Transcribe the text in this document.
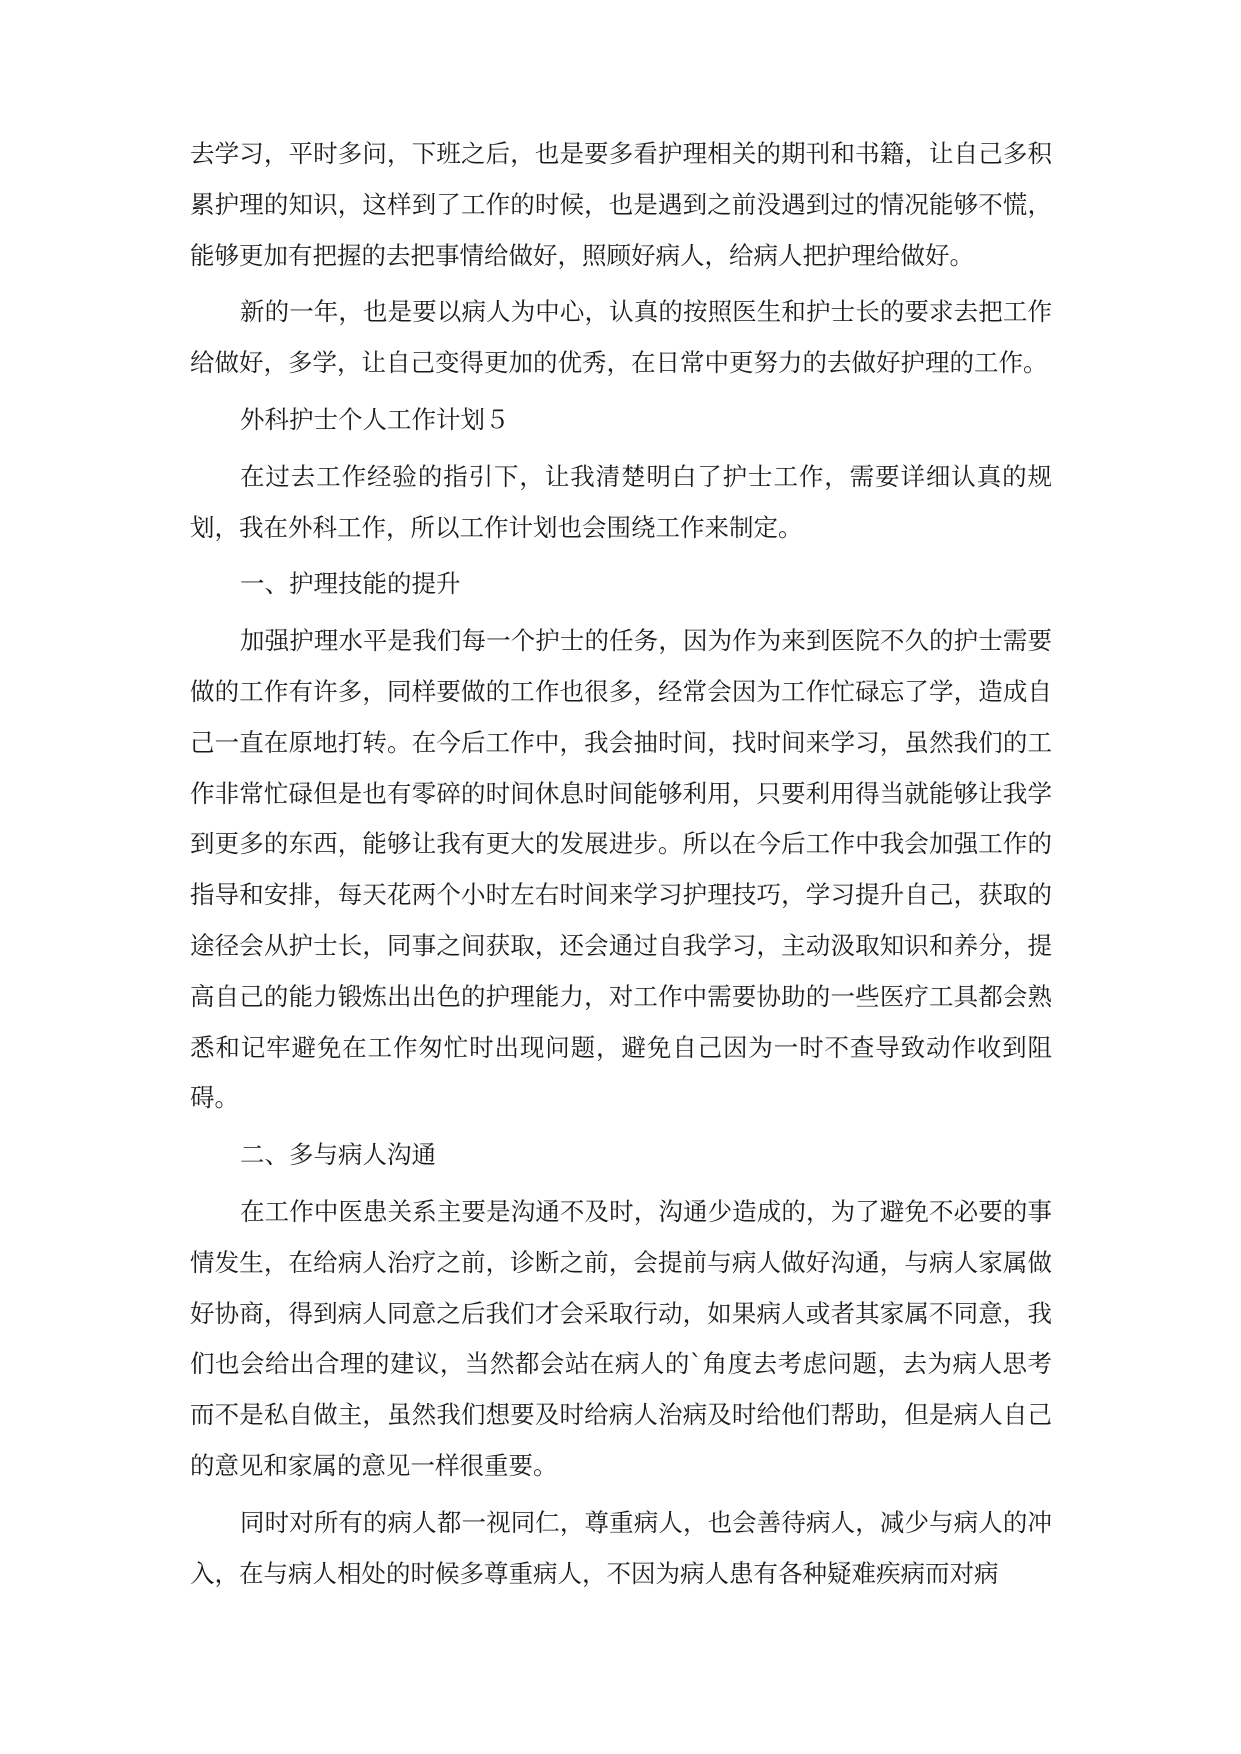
去学习，平时多问，下班之后，也是要多看护理相关的期刊和书籍，让自己多积累护理的知识，这样到了工作的时候，也是遇到之前没遇到过的情况能够不慌，能够更加有把握的去把事情给做好，照顾好病人，给病人把护理给做好。

新的一年，也是要以病人为中心，认真的按照医生和护士长的要求去把工作给做好，多学，让自己变得更加的优秀，在日常中更努力的去做好护理的工作。

外科护士个人工作计划５

在过去工作经验的指引下，让我清楚明白了护士工作，需要详细认真的规划，我在外科工作，所以工作计划也会围绕工作来制定。

一、护理技能的提升

加强护理水平是我们每一个护士的任务，因为作为来到医院不久的护士需要做的工作有许多，同样要做的工作也很多，经常会因为工作忙碌忘了学，造成自己一直在原地打转。在今后工作中，我会抽时间，找时间来学习，虽然我们的工作非常忙碌但是也有零碎的时间休息时间能够利用，只要利用得当就能够让我学到更多的东西，能够让我有更大的发展进步。所以在今后工作中我会加强工作的指导和安排，每天花两个小时左右时间来学习护理技巧，学习提升自己，获取的途径会从护士长，同事之间获取，还会通过自我学习，主动汲取知识和养分，提高自己的能力锻炼出出色的护理能力，对工作中需要协助的一些医疗工具都会熟悉和记牢避免在工作匆忙时出现问题，避免自己因为一时不查导致动作收到阻碍。

二、多与病人沟通

在工作中医患关系主要是沟通不及时，沟通少造成的，为了避免不必要的事情发生，在给病人治疗之前，诊断之前，会提前与病人做好沟通，与病人家属做好协商，得到病人同意之后我们才会采取行动，如果病人或者其家属不同意，我们也会给出合理的建议，当然都会站在病人的`角度去考虑问题，去为病人思考而不是私自做主，虽然我们想要及时给病人治病及时给他们帮助，但是病人自己的意见和家属的意见一样很重要。

同时对所有的病人都一视同仁，尊重病人，也会善待病人，减少与病人的冲入，在与病人相处的时候多尊重病人，不因为病人患有各种疑难疾病而对病
